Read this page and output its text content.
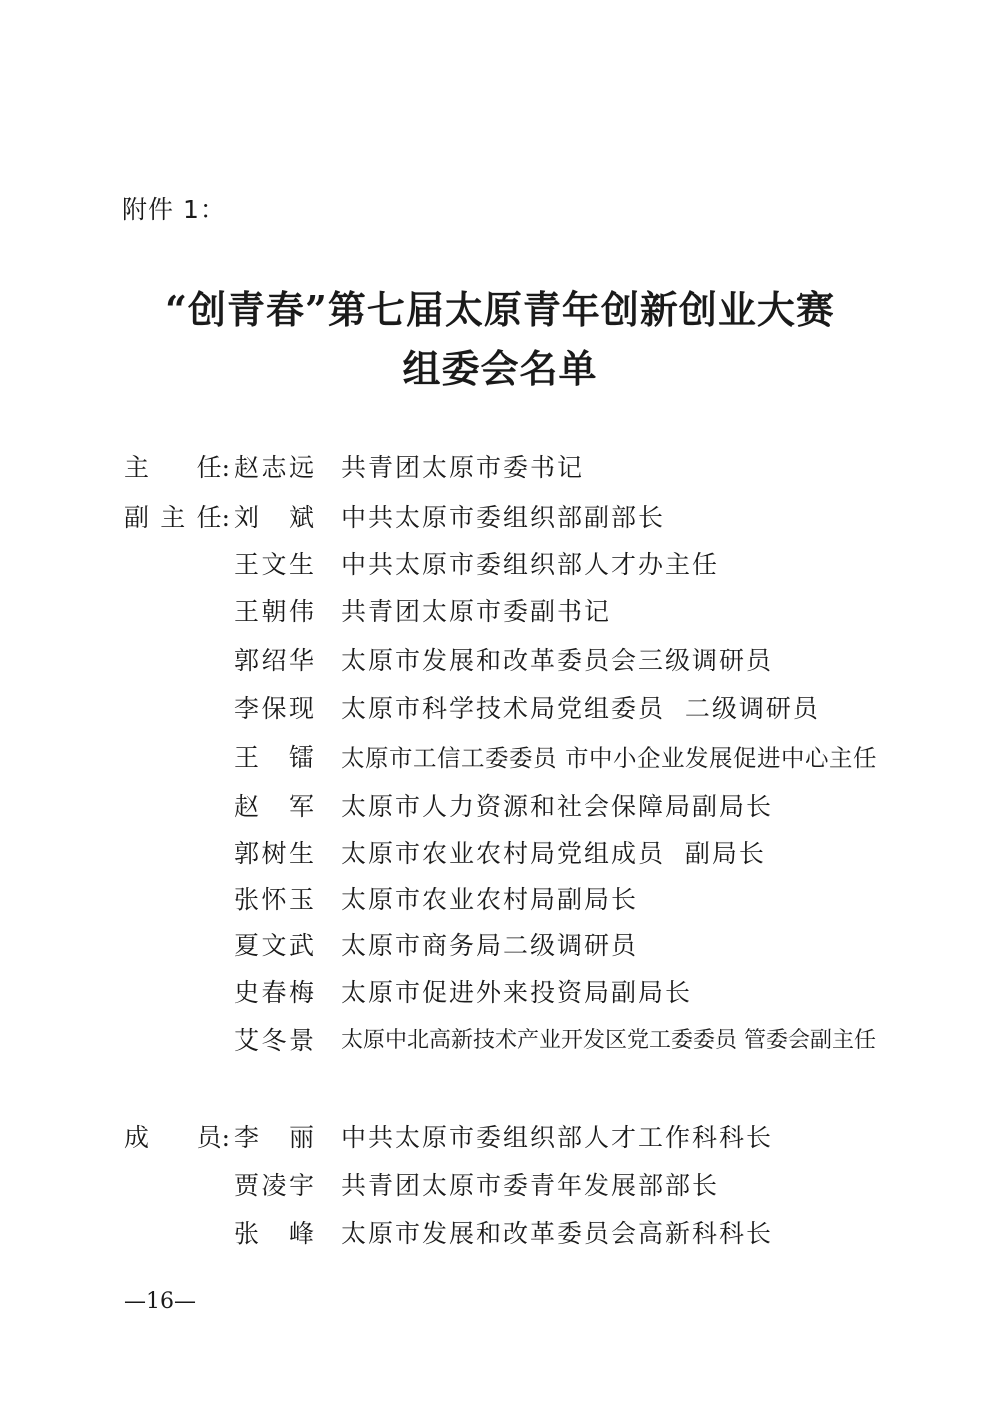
附件 1：
“创青春”第七届太原青年创新创业大赛
组委会名单
主 任: 赵 志 远 共青团太原市委书记
副 主 任: 刘 斌 中共太原市委组织部副部长
王 文 生 中共太原市委组织部人才办主任
王 朝 伟 共青团太原市委副书记
郭 绍 华 太原市发展和改革委员会三级调研员
李 保 现 太原市科学技术局党组委员  二级调研员
王 镭 太原市工信工委委员 市中小企业发展促进中心主任
赵 军 太原市人力资源和社会保障局副局长
郭 树 生 太原市农业农村局党组成员  副局长
张 怀 玉 太原市农业农村局副局长
夏 文 武 太原市商务局二级调研员
史 春 梅 太原市促进外来投资局副局长
艾 冬 景 太原中北高新技术产业开发区党工委委员 管委会副主任
成 员: 李 丽 中共太原市委组织部人才工作科科长
贾 凌 宇 共青团太原市委青年发展部部长
张 峰 太原市发展和改革委员会高新科科长
—16—
